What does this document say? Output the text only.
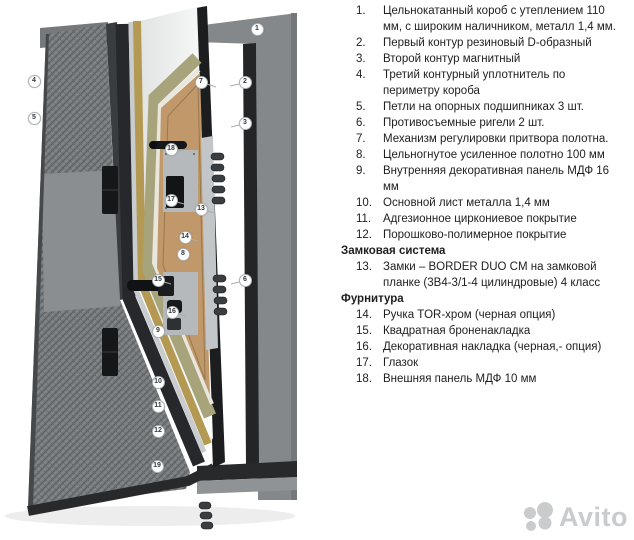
1
2
3
4
5
6
7
8
9
10
11
12
13
14
15
16
17
18
19
1.	Цельнокатанный короб с утеплением 110 мм, с широким наличником, металл 1,4 мм.
2.	Первый контур резиновый D-образный
3.	Второй контур магнитный
4.	Третий контурный уплотнитель по периметру короба
5.	Петли на опорных подшипниках 3 шт.
6.	Противосъемные ригели 2 шт.
7.	Механизм регулировки притвора полотна.
8.	Цельногнутое усиленное полотно 100 мм
9.	Внутренняя декоративная панель МДФ 16 мм
10. Основной лист металла 1,4 мм
11.	Адгезионное циркониевое покрытие
12. Порошково-полимерное покрытие
Замковая система
13. Замки – BORDER DUO CM на замковой планке (3В4-3/1-4 цилиндровые) 4 класс
Фурнитура
14. Ручка TOR-хром (черная опция)
15. Квадратная броненакладка
16. Декоративная накладка (черная,- опция)
17. Глазок
18. Внешняя панель МДФ 10 мм
Avito
